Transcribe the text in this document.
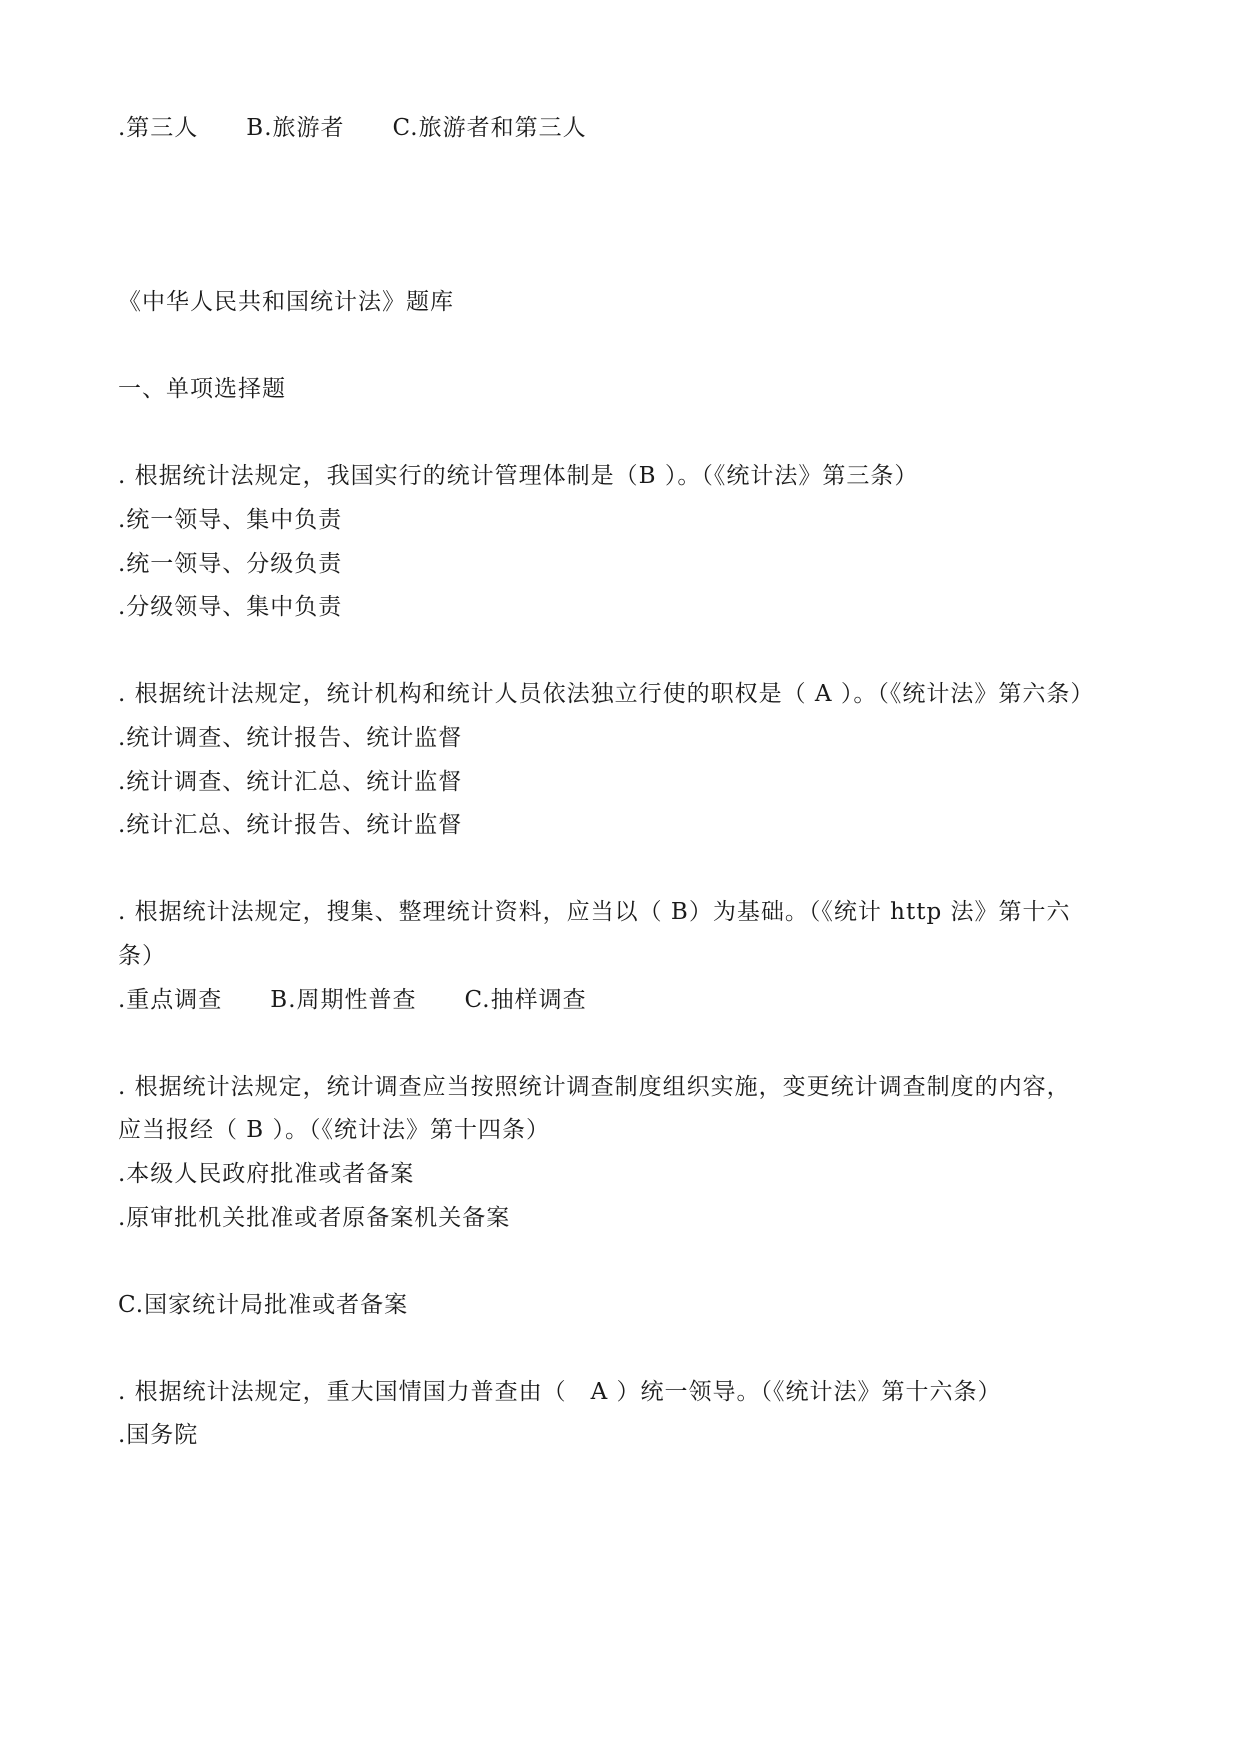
.第三人　　B.旅游者　　C.旅游者和第三人
《中华人民共和国统计法》题库
一、单项选择题
. 根据统计法规定，我国实行的统计管理体制是（B ）。（《统计法》第三条）
.统一领导、集中负责
.统一领导、分级负责
.分级领导、集中负责
. 根据统计法规定，统计机构和统计人员依法独立行使的职权是（ A ）。（《统计法》第六条）
.统计调查、统计报告、统计监督
.统计调查、统计汇总、统计监督
.统计汇总、统计报告、统计监督
. 根据统计法规定，搜集、整理统计资料，应当以（ B）为基础。（《统计 http 法》第十六
条）
.重点调查　　B.周期性普查　　C.抽样调查
. 根据统计法规定，统计调查应当按照统计调查制度组织实施，变更统计调查制度的内容，
应当报经（ B ）。（《统计法》第十四条）
.本级人民政府批准或者备案
.原审批机关批准或者原备案机关备案
C.国家统计局批准或者备案
. 根据统计法规定，重大国情国力普查由（　A ）统一领导。（《统计法》第十六条）
.国务院
